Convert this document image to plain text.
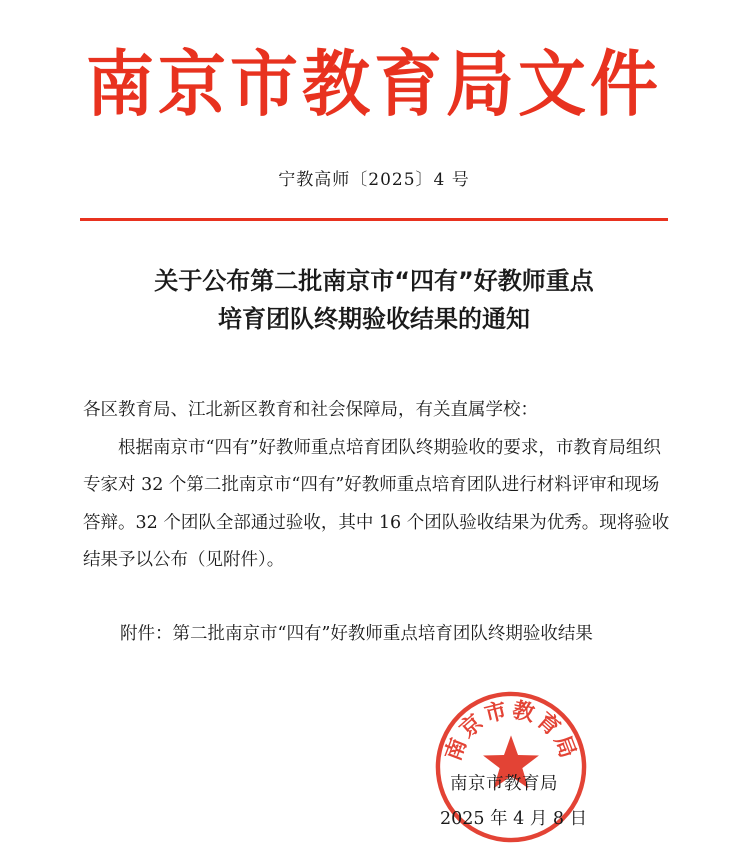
南京市教育局文件
宁教高师〔2025〕4 号
关于公布第二批南京市“四有”好教师重点
培育团队终期验收结果的通知

各区教育局、江北新区教育和社会保障局，有关直属学校：

根据南京市“四有”好教师重点培育团队终期验收的要求，市教育局组织专家对 32 个第二批南京市“四有”好教师重点培育团队进行材料评审和现场答辩。32 个团队全部通过验收，其中 16 个团队验收结果为优秀。现将验收结果予以公布（见附件）。

附件： 第二批南京市“四有”好教师重点培育团队终期验收结果
南京市教育局
南京市教育局
2025 年 4 月 8 日
